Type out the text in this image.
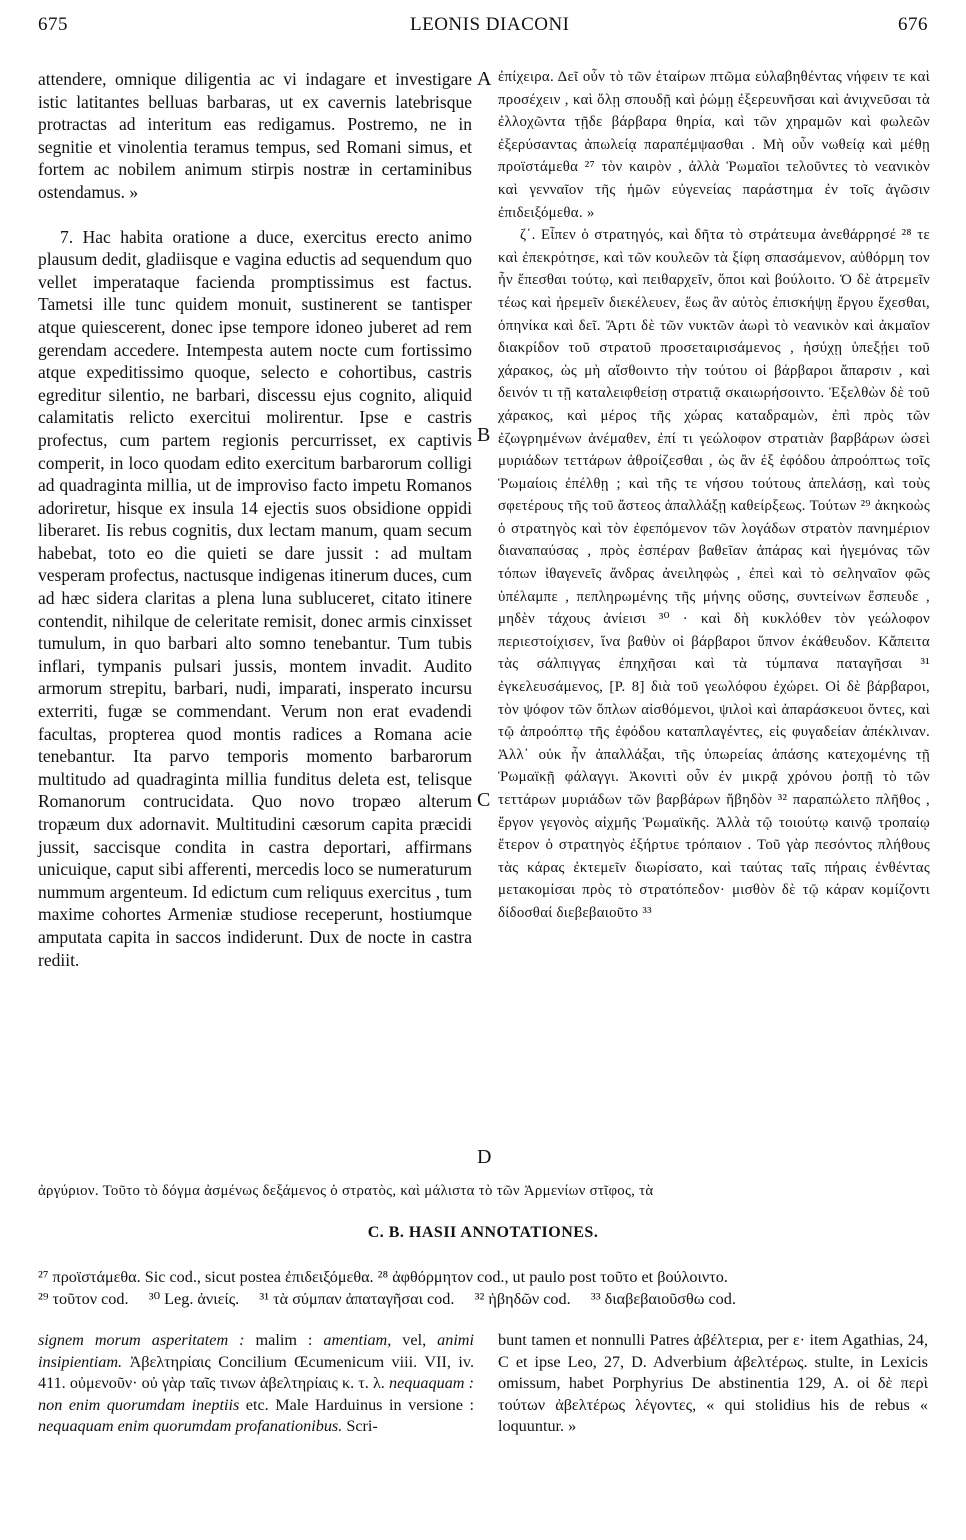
675	LEONIS DIACONI	676

attendere, omnique diligentia ac vi indagare et investigare istic latitantes belluas barbaras, ut ex cavernis latebrisque protractas ad interitum eas redigamus. Postremo, ne in segnitie et vinolentia teramus tempus, sed Romani simus, et fortem ac nobilem animum stirpis nostræ in certaminibus ostendamus. »

7. Hac habita oratione a duce, exercitus erecto animo plausum dedit, gladiisque e vagina eductis ad sequendum quo vellet imperataque facienda promptissimus est factus. Tametsi ille tunc quidem monuit, sustinerent se tantisper atque quiescerent, donec ipse tempore idoneo juberet ad rem gerendam accedere. Intempesta autem nocte cum fortissimo atque expeditissimo quoque, selecto e cohortibus, castris egreditur silentio, ne barbari, discessu ejus cognito, aliquid calamitatis relicto exercitui molirentur. Ipse e castris profectus, cum partem regionis percurrisset, ex captivis comperit, in loco quodam edito exercitum barbarorum colligi ad quadraginta millia, ut de improviso facto impetu Romanos adoriretur, hisque ex insula 14 ejectis suos obsidione oppidi liberaret. Iis rebus cognitis, dux lectam manum, quam secum habebat, toto eo die quieti se dare jussit : ad multam vesperam profectus, nactusque indigenas itinerum duces, cum ad hæc sidera claritas a plena luna subluceret, citato itinere contendit, nihilque de celeritate remisit, donec armis cinxisset tumulum, in quo barbari alto somno tenebantur. Tum tubis inflari, tympanis pulsari jussis, montem invadit. Audito armorum strepitu, barbari, nudi, imparati, insperato incursu exterriti, fugæ se commendant. Verum non erat evadendi facultas, propterea quod montis radices a Romana acie tenebantur. Ita parvo temporis momento barbarorum multitudo ad quadraginta millia funditus deleta est, telisque Romanorum contrucidata. Quo novo tropæo alterum tropæum dux adornavit. Multitudini cæsorum capita præcidi jussit, saccisque condita in castra deportari, affirmans unicuique, caput sibi afferenti, mercedis loco se numeraturum nummum argenteum. Id edictum cum reliquus exercitus , tum maxime cohortes Armeniæ studiose receperunt, hostiumque amputata capita in saccos indiderunt. Dux de nocte in castra rediit.

A
B
C
D

ἐπίχειρα. Δεῖ οὖν τὸ τῶν ἑταίρων πτῶμα εὐλαβηθέντας νήφειν τε καὶ προσέχειν , καὶ ὅλῃ σπουδῇ καὶ ῥώμῃ ἐξερευνῆσαι καὶ ἀνιχνεῦσαι τὰ ἐλλοχῶντα τῇδε βάρβαρα θηρία, καὶ τῶν χηραμῶν καὶ φωλεῶν ἐξερύσαντας ἀπωλείᾳ παραπέμψασθαι . Μὴ οὖν νωθείᾳ καὶ μέθῃ προϊστάμεθα ²⁷ τὸν καιρὸν , ἀλλὰ Ῥωμαῖοι τελοῦντες τὸ νεανικὸν καὶ γενναῖον τῆς ἡμῶν εὐγενείας παράστημα ἐν τοῖς ἀγῶσιν ἐπιδειξόμεθα. »

ζ΄. Εἶπεν ὁ στρατηγός, καὶ δῆτα τὸ στράτευμα ἀνεθάρρησέ ²⁸ τε καὶ ἐπεκρότησε, καὶ τῶν κουλεῶν τὰ ξίφη σπασάμενον, αὐθόρμη τον ἦν ἕπεσθαι τούτῳ, καὶ πειθαρχεῖν, ὅποι καὶ βούλοιτο. Ὁ δὲ ἀτρεμεῖν τέως καὶ ἠρεμεῖν διεκέλευεν, ἕως ἂν αὐτὸς ἐπισκήψῃ ἔργου ἔχεσθαι, ὁπηνίκα καὶ δεῖ. Ἄρτι δὲ τῶν νυκτῶν ἀωρὶ τὸ νεανικὸν καὶ ἀκμαῖον διακρίδον τοῦ στρατοῦ προσεταιρισάμενος , ἡσύχῃ ὑπεξῄει τοῦ χάρακος, ὡς μὴ αἴσθοιντο τὴν τούτου οἱ βάρβαροι ἄπαρσιν , καὶ δεινόν τι τῇ καταλειφθείσῃ στρατιᾷ σκαιωρήσοιντο. Ἐξελθὼν δὲ τοῦ χάρακος, καὶ μέρος τῆς χώρας καταδραμὼν, ἐπὶ πρὸς τῶν ἐζωγρημένων ἀνέμαθεν, ἐπί τι γεώλοφον στρατιὰν βαρβάρων ὡσεὶ μυριάδων τεττάρων ἀθροίζεσθαι , ὡς ἂν ἐξ ἐφόδου ἀπροόπτως τοῖς Ῥωμαίοις ἐπέλθῃ ; καὶ τῆς τε νήσου τούτους ἀπελάσῃ, καὶ τοὺς σφετέρους τῆς τοῦ ἄστεος ἀπαλλάξῃ καθείρξεως. Τούτων ²⁹ ἀκηκοὼς ὁ στρατηγὸς καὶ τὸν ἐφεπόμενον τῶν λογάδων στρατὸν πανημέριον διαναπαύσας , πρὸς ἑσπέραν βαθεῖαν ἀπάρας καὶ ἡγεμόνας τῶν τόπων ἰθαγενεῖς ἄνδρας ἀνειληφὼς , ἐπεὶ καὶ τὸ σεληναῖον φῶς ὑπέλαμπε , πεπληρωμένης τῆς μήνης οὔσης, συντείνων ἔσπευδε , μηδὲν τάχους ἀνίεισι ³⁰ · καὶ δὴ κυκλόθεν τὸν γεώλοφον περιεστοίχισεν, ἵνα βαθὺν οἱ βάρβαροι ὕπνον ἐκάθευδον. Κἄπειτα τὰς σάλπιγγας ἐπηχῆσαι καὶ τὰ τύμπανα παταγῆσαι ³¹ ἐγκελευσάμενος, [P. 8] διὰ τοῦ γεωλόφου ἐχώρει. Οἱ δὲ βάρβαροι, τὸν ψόφον τῶν ὅπλων αἰσθόμενοι, ψιλοὶ καὶ ἀπαράσκευοι ὄντες, καὶ τῷ ἀπροόπτῳ τῆς ἐφόδου καταπλαγέντες, εἰς φυγαδείαν ἀπέκλιναν. Ἀλλ᾽ οὐκ ἦν ἀπαλλάξαι, τῆς ὑπωρείας ἁπάσης κατεχομένης τῇ Ῥωμαϊκῇ φάλαγγι. Ἀκονιτὶ οὖν ἐν μικρᾷ χρόνου ῥοπῇ τὸ τῶν τεττάρων μυριάδων τῶν βαρβάρων ἥβηδὸν ³² παραπώλετο πλῆθος , ἔργον γεγονὸς αἰχμῆς Ῥωμαϊκῆς. Ἀλλὰ τῷ τοιούτῳ καινῷ τροπαίῳ ἕτερον ὁ στρατηγὸς ἐξήρτυε τρόπαιον . Τοῦ γὰρ πεσόντος πλήθους τὰς κάρας ἐκτεμεῖν διωρίσατο, καὶ ταύτας ταῖς πήραις ἐνθέντας μετακομίσαι πρὸς τὸ στρατόπεδον· μισθὸν δὲ τῷ κάραν κομίζοντι δίδοσθαί διεβεβαιοῦτο ³³

ἀργύριον. Τοῦτο τὸ δόγμα ἀσμένως δεξάμενος ὁ στρατὸς, καὶ μάλιστα τὸ τῶν Ἀρμενίων στῖφος, τὰ
C. B. HASII ANNOTATIONES.
²⁷ προϊστάμεθα. Sic cod., sicut postea ἐπιδειξόμεθα. ²⁸ ἀφθόρμητον cod., ut paulo post τοῦτο et βούλοιντο.
²⁹ τοῦτον cod.     ³⁰ Leg. ἀνιείς.     ³¹ τὰ σύμπαν ἀπαταγῆσαι cod.     ³² ἡβηδῶν cod.     ³³ διαβεβαιοῦσθω cod.

signem morum asperitatem : malim : amentiam, vel, animi insipientiam. Ἀβελτηρίαις Concilium Œcumenicum viii. VII, iv. 411. οὐμενοῦν· οὐ γὰρ ταῖς τινων ἀβελτηρίαις κ. τ. λ. nequaquam : non enim quorumdam ineptiis etc. Male Harduinus in versione : nequaquam enim quorumdam profanationibus. Scri-

bunt tamen et nonnulli Patres ἀβέλτερια, per ε· item Agathias, 24, C et ipse Leo, 27, D. Adverbium ἀβελτέρως. stulte, in Lexicis omissum, habet Porphyrius De abstinentia 129, A. οἱ δὲ περὶ τούτων ἀβελτέρως λέγοντες, « qui stolidius his de rebus « loquuntur. »
